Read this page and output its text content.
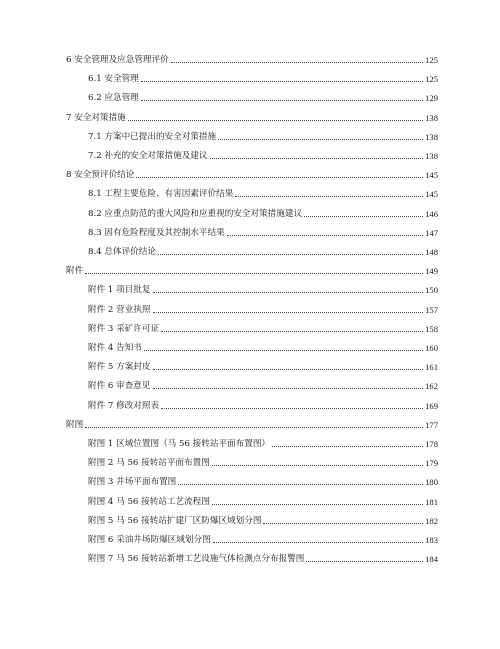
6 安全管理及应急管理评价	125
6.1 安全管理	125
6.2 应急管理	129
7 安全对策措施	138
7.1 方案中已提出的安全对策措施	138
7.2 补充的安全对策措施及建议	138
8 安全预评价结论	145
8.1 工程主要危险、有害因素评价结果	145
8.2 应重点防范的重大风险和应重视的安全对策措施建议	146
8.3 固有危险程度及其控制水平结果	147
8.4 总体评价结论	148
附件	149
附件 1 项目批复	150
附件 2 营业执照	157
附件 3 采矿许可证	158
附件 4 告知书	160
附件 5 方案封皮	161
附件 6 审查意见	162
附件 7 修改对照表	169
附图	177
附图 1 区域位置图（马 56 接转站平面布置图）	178
附图 2 马 56 接转站平面布置图	179
附图 3 井场平面布置图	180
附图 4 马 56 接转站工艺流程图	181
附图 5 马 56 接转站扩建厂区防爆区域划分图	182
附图 6 采油井场防爆区域划分图	183
附图 7 马 56 接转站新增工艺设施气体检测点分布报警图	184
